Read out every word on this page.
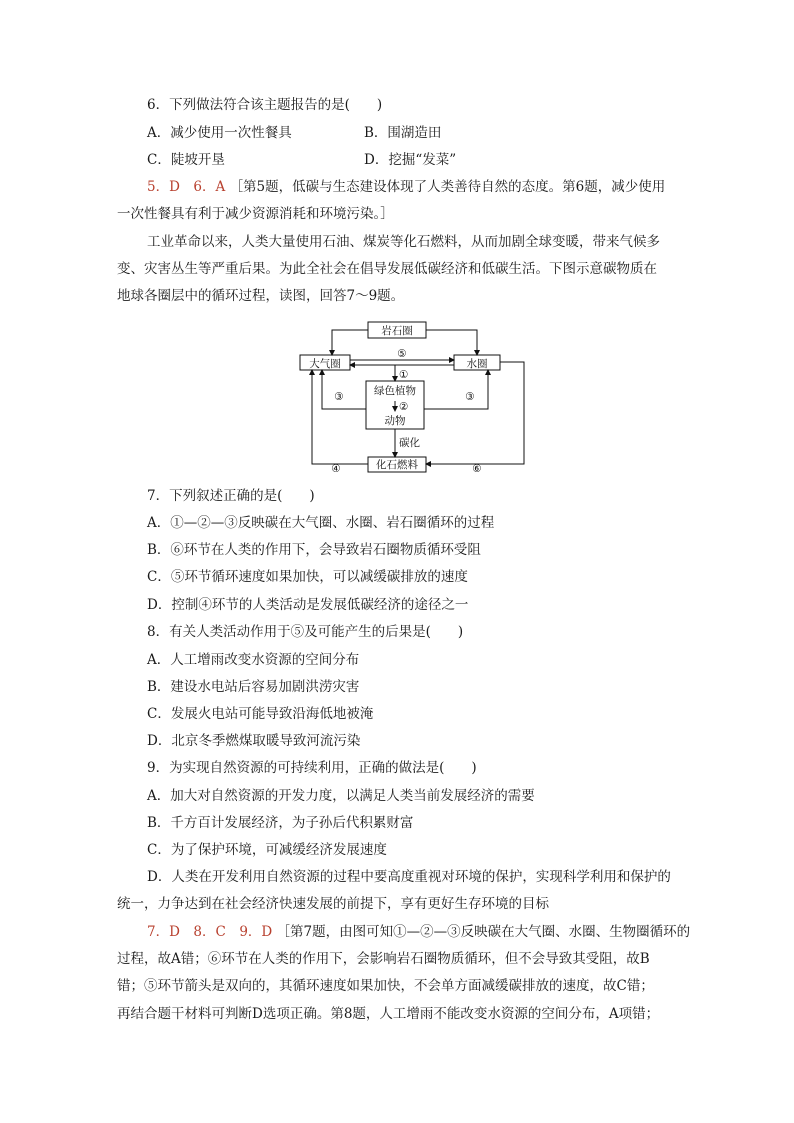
6．下列做法符合该主题报告的是(　　)
A．减少使用一次性餐具	B．围湖造田
C．陡坡开垦	D．挖掘“发菜”
5．D　6．A ［第5题，低碳与生态建设体现了人类善待自然的态度。第6题，减少使用
一次性餐具有利于减少资源消耗和环境污染。］
工业革命以来，人类大量使用石油、煤炭等化石燃料，从而加剧全球变暖，带来气候多
变、灾害丛生等严重后果。为此全社会在倡导发展低碳经济和低碳生活。下图示意碳物质在
地球各圈层中的循环过程，读图，回答7～9题。
岩石圈
大气圈	水圈
绿色植物
动物
化石燃料
碳化
⑤
①
②
③	③
④	⑥
7．下列叙述正确的是(　　)
A．①—②—③反映碳在大气圈、水圈、岩石圈循环的过程
B．⑥环节在人类的作用下，会导致岩石圈物质循环受阻
C．⑤环节循环速度如果加快，可以减缓碳排放的速度
D．控制④环节的人类活动是发展低碳经济的途径之一
8．有关人类活动作用于⑤及可能产生的后果是(　　)
A．人工增雨改变水资源的空间分布
B．建设水电站后容易加剧洪涝灾害
C．发展火电站可能导致沿海低地被淹
D．北京冬季燃煤取暖导致河流污染
9．为实现自然资源的可持续利用，正确的做法是(　　)
A．加大对自然资源的开发力度，以满足人类当前发展经济的需要
B．千方百计发展经济，为子孙后代积累财富
C．为了保护环境，可减缓经济发展速度
D．人类在开发利用自然资源的过程中要高度重视对环境的保护，实现科学利用和保护的
统一，力争达到在社会经济快速发展的前提下，享有更好生存环境的目标
7．D　8．C　9．D ［第7题，由图可知①—②—③反映碳在大气圈、水圈、生物圈循环的
过程，故A错；⑥环节在人类的作用下，会影响岩石圈物质循环，但不会导致其受阻，故B
错；⑤环节箭头是双向的，其循环速度如果加快，不会单方面减缓碳排放的速度，故C错；
再结合题干材料可判断D选项正确。第8题，人工增雨不能改变水资源的空间分布，A项错；
